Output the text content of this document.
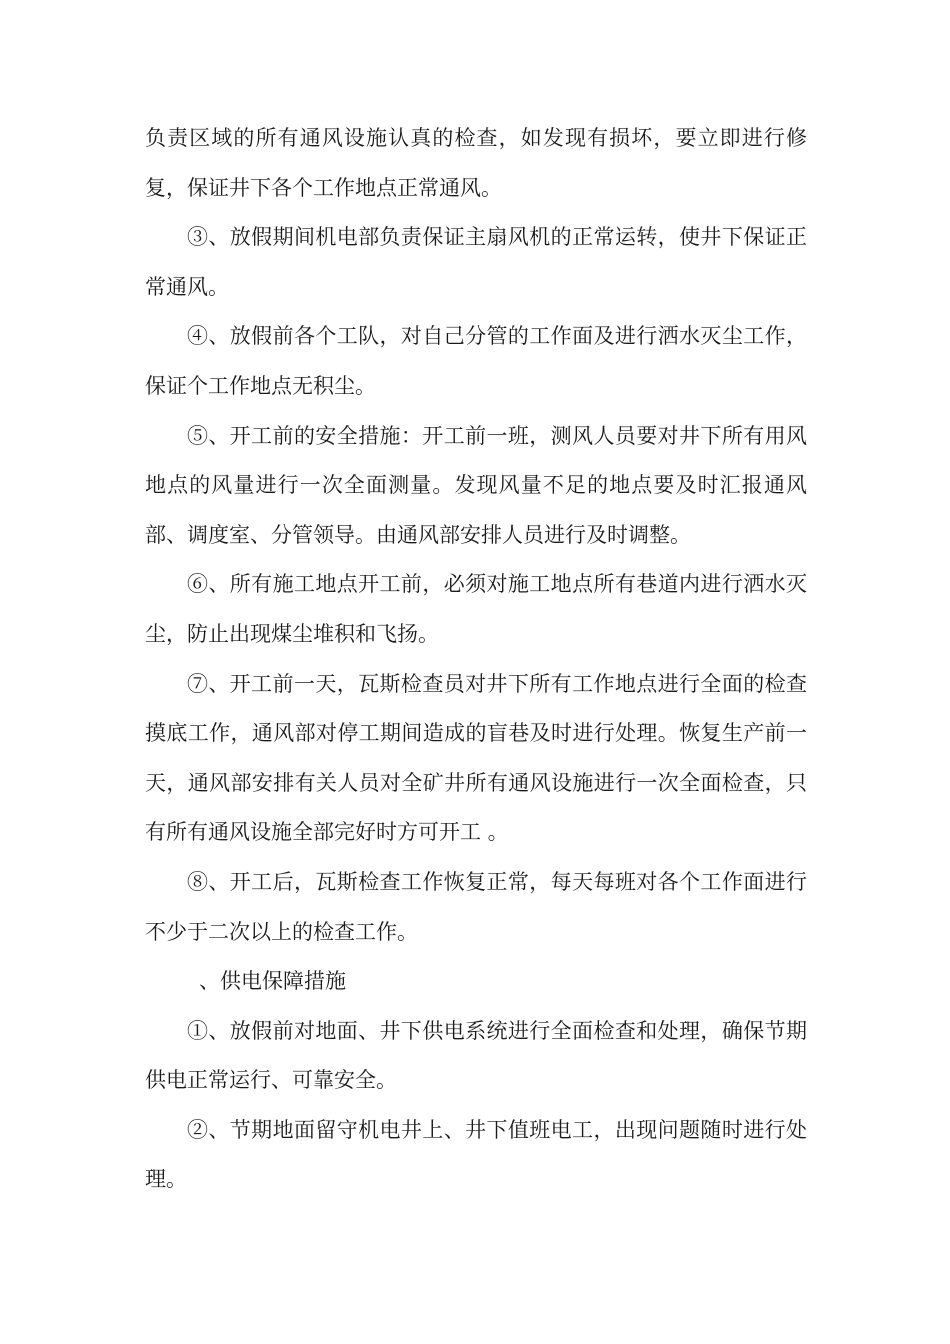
负责区域的所有通风设施认真的检查，如发现有损坏，要立即进行修复，保证井下各个工作地点正常通风。

③、放假期间机电部负责保证主扇风机的正常运转，使井下保证正常通风。

④、放假前各个工队，对自己分管的工作面及进行洒水灭尘工作，保证个工作地点无积尘。

⑤、开工前的安全措施：开工前一班，测风人员要对井下所有用风地点的风量进行一次全面测量。发现风量不足的地点要及时汇报通风部、调度室、分管领导。由通风部安排人员进行及时调整。

⑥、所有施工地点开工前，必须对施工地点所有巷道内进行洒水灭尘，防止出现煤尘堆积和飞扬。

⑦、开工前一天，瓦斯检查员对井下所有工作地点进行全面的检查摸底工作，通风部对停工期间造成的盲巷及时进行处理。恢复生产前一天，通风部安排有关人员对全矿井所有通风设施进行一次全面检查，只有所有通风设施全部完好时方可开工 。

⑧、开工后，瓦斯检查工作恢复正常，每天每班对各个工作面进行不少于二次以上的检查工作。

、供电保障措施

①、放假前对地面、井下供电系统进行全面检查和处理，确保节期供电正常运行、可靠安全。

②、节期地面留守机电井上、井下值班电工，出现问题随时进行处理。
